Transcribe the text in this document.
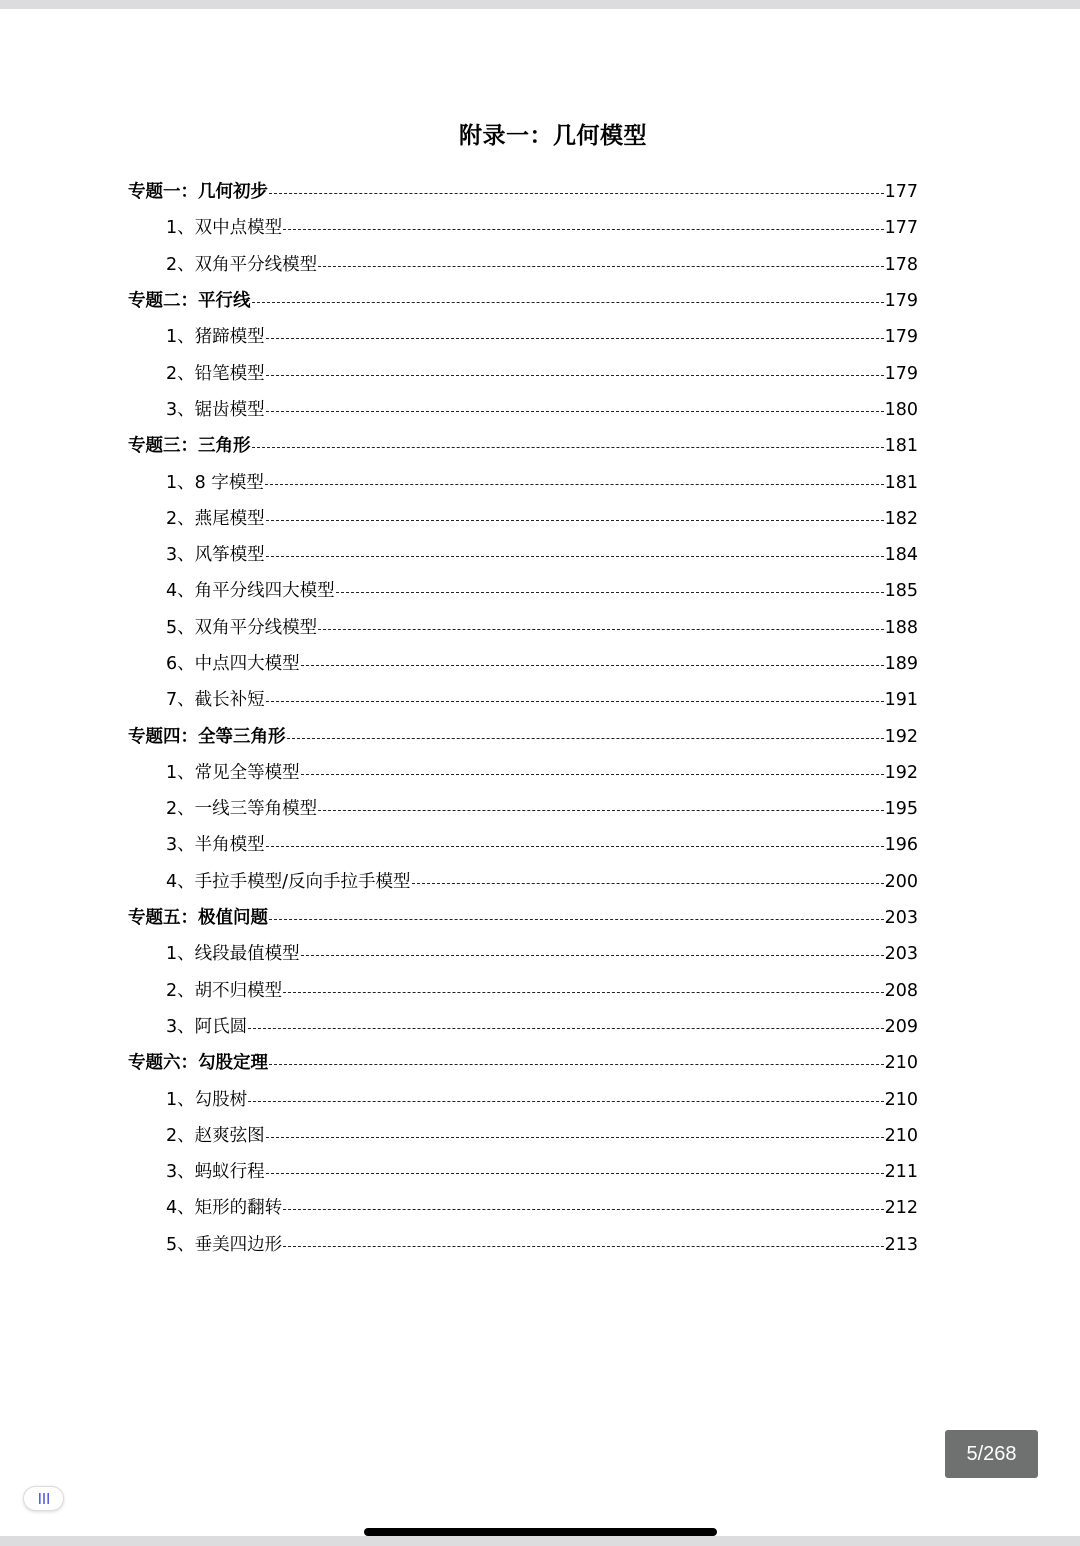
附录一：几何模型
专题一：几何初步	177
1、双中点模型	177
2、双角平分线模型	178
专题二：平行线	179
1、猪蹄模型	179
2、铅笔模型	179
3、锯齿模型	180
专题三：三角形	181
1、8 字模型	181
2、燕尾模型	182
3、风筝模型	184
4、角平分线四大模型	185
5、双角平分线模型	188
6、中点四大模型	189
7、截长补短	191
专题四：全等三角形	192
1、常见全等模型	192
2、一线三等角模型	195
3、半角模型	196
4、手拉手模型/反向手拉手模型	200
专题五：极值问题	203
1、线段最值模型	203
2、胡不归模型	208
3、阿氏圆	209
专题六：勾股定理	210
1、勾股树	210
2、赵爽弦图	210
3、蚂蚁行程	211
4、矩形的翻转	212
5、垂美四边形	213
5/268
